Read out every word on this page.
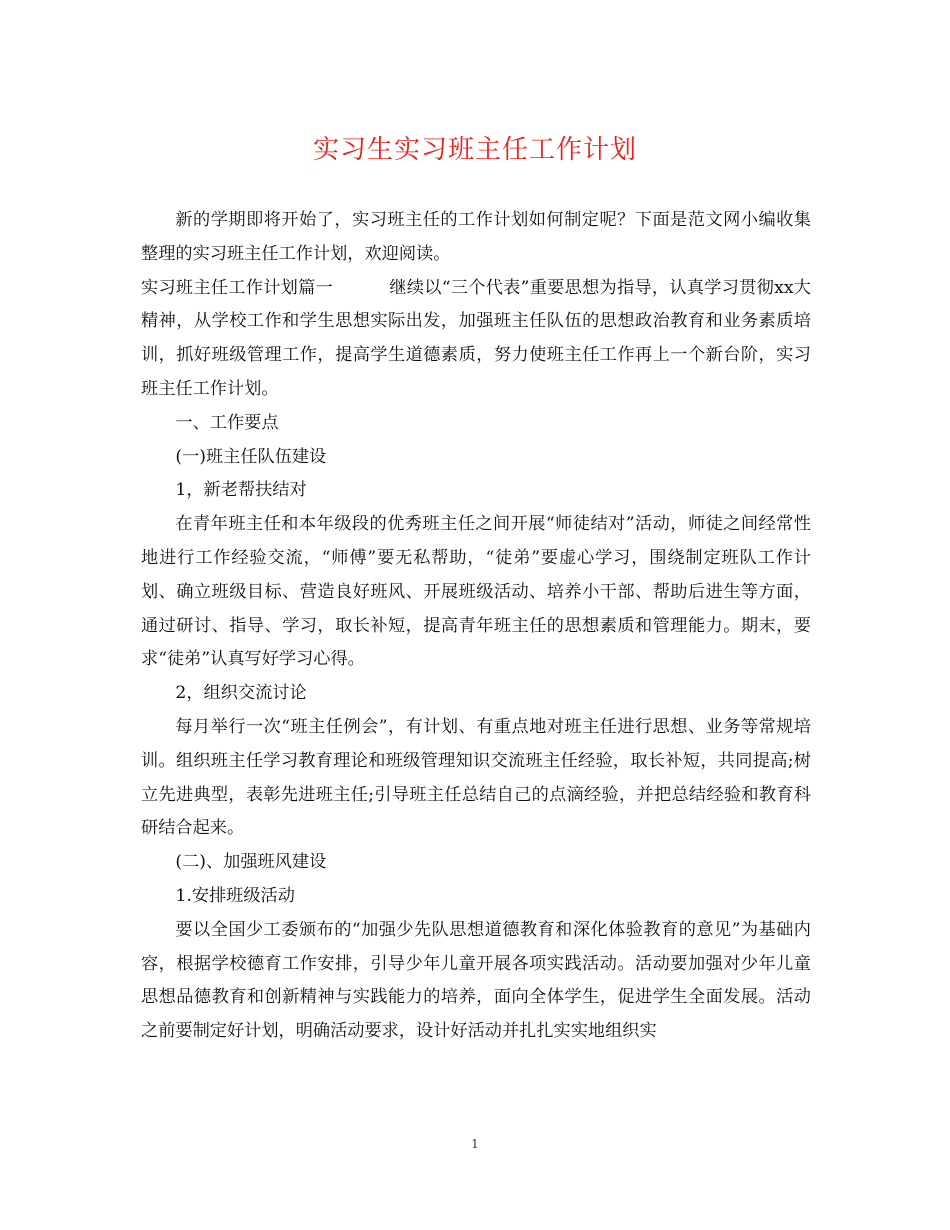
实习生实习班主任工作计划

新的学期即将开始了，实习班主任的工作计划如何制定呢？下面是范文网小编收集整理的实习班主任工作计划，欢迎阅读。

实习班主任工作计划篇一	继续以“三个代表”重要思想为指导，认真学习贯彻xx大精神，从学校工作和学生思想实际出发，加强班主任队伍的思想政治教育和业务素质培训，抓好班级管理工作，提高学生道德素质，努力使班主任工作再上一个新台阶，实习班主任工作计划。

一、工作要点

(一)班主任队伍建设

1，新老帮扶结对

在青年班主任和本年级段的优秀班主任之间开展“师徒结对”活动，师徒之间经常性地进行工作经验交流，“师傅”要无私帮助，“徒弟”要虚心学习，围绕制定班队工作计划、确立班级目标、营造良好班风、开展班级活动、培养小干部、帮助后进生等方面，通过研讨、指导、学习，取长补短，提高青年班主任的思想素质和管理能力。期末，要求“徒弟”认真写好学习心得。

2，组织交流讨论

每月举行一次“班主任例会”，有计划、有重点地对班主任进行思想、业务等常规培训。组织班主任学习教育理论和班级管理知识交流班主任经验，取长补短，共同提高;树立先进典型，表彰先进班主任;引导班主任总结自己的点滴经验，并把总结经验和教育科研结合起来。

(二)、加强班风建设

1.安排班级活动

要以全国少工委颁布的“加强少先队思想道德教育和深化体验教育的意见”为基础内容，根据学校德育工作安排，引导少年儿童开展各项实践活动。活动要加强对少年儿童思想品德教育和创新精神与实践能力的培养，面向全体学生，促进学生全面发展。活动之前要制定好计划，明确活动要求，设计好活动并扎扎实实地组织实

1
